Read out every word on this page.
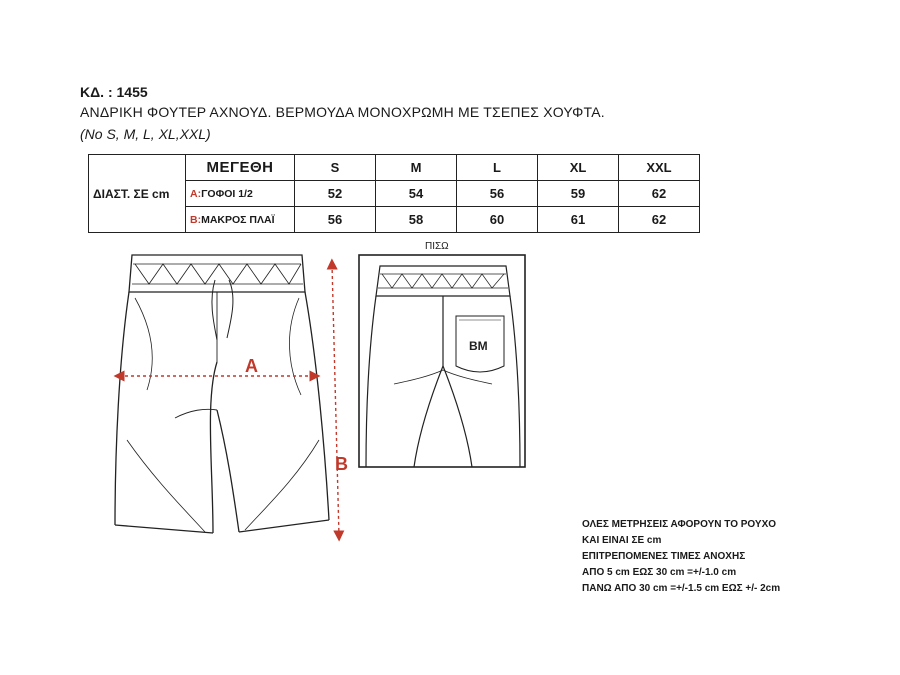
ΚΔ. : 1455
ΑΝΔΡΙΚΗ ΦΟΥΤΕΡ ΑΧΝΟΥΔ. ΒΕΡΜΟΥΔΑ ΜΟΝΟΧΡΩΜΗ ΜΕ ΤΣΕΠΕΣ ΧΟΥΦΤΑ.
(No S, M, L, XL,XXL)
ΔΙΑΣΤ. ΣΕ cm	ΜΕΓΕΘΗ	S	M	L	XL	XXL
	A:ΓΟΦΟΙ 1/2	52	54	56	59	62
	B:ΜΑΚΡΟΣ ΠΛΑΪ	56	58	60	61	62
A
B
ΠΙΣΩ
BM
ΟΛΕΣ ΜΕΤΡΗΣΕΙΣ ΑΦΟΡΟΥΝ ΤΟ ΡΟΥΧΟ
ΚΑΙ ΕΙΝΑΙ ΣΕ cm
ΕΠΙΤΡΕΠΟΜΕΝΕΣ ΤΙΜΕΣ ΑΝΟΧΗΣ
ΑΠΟ 5 cm ΕΩΣ 30 cm =+/-1.0 cm
ΠΑΝΩ ΑΠΟ 30 cm =+/-1.5 cm ΕΩΣ +/- 2cm
